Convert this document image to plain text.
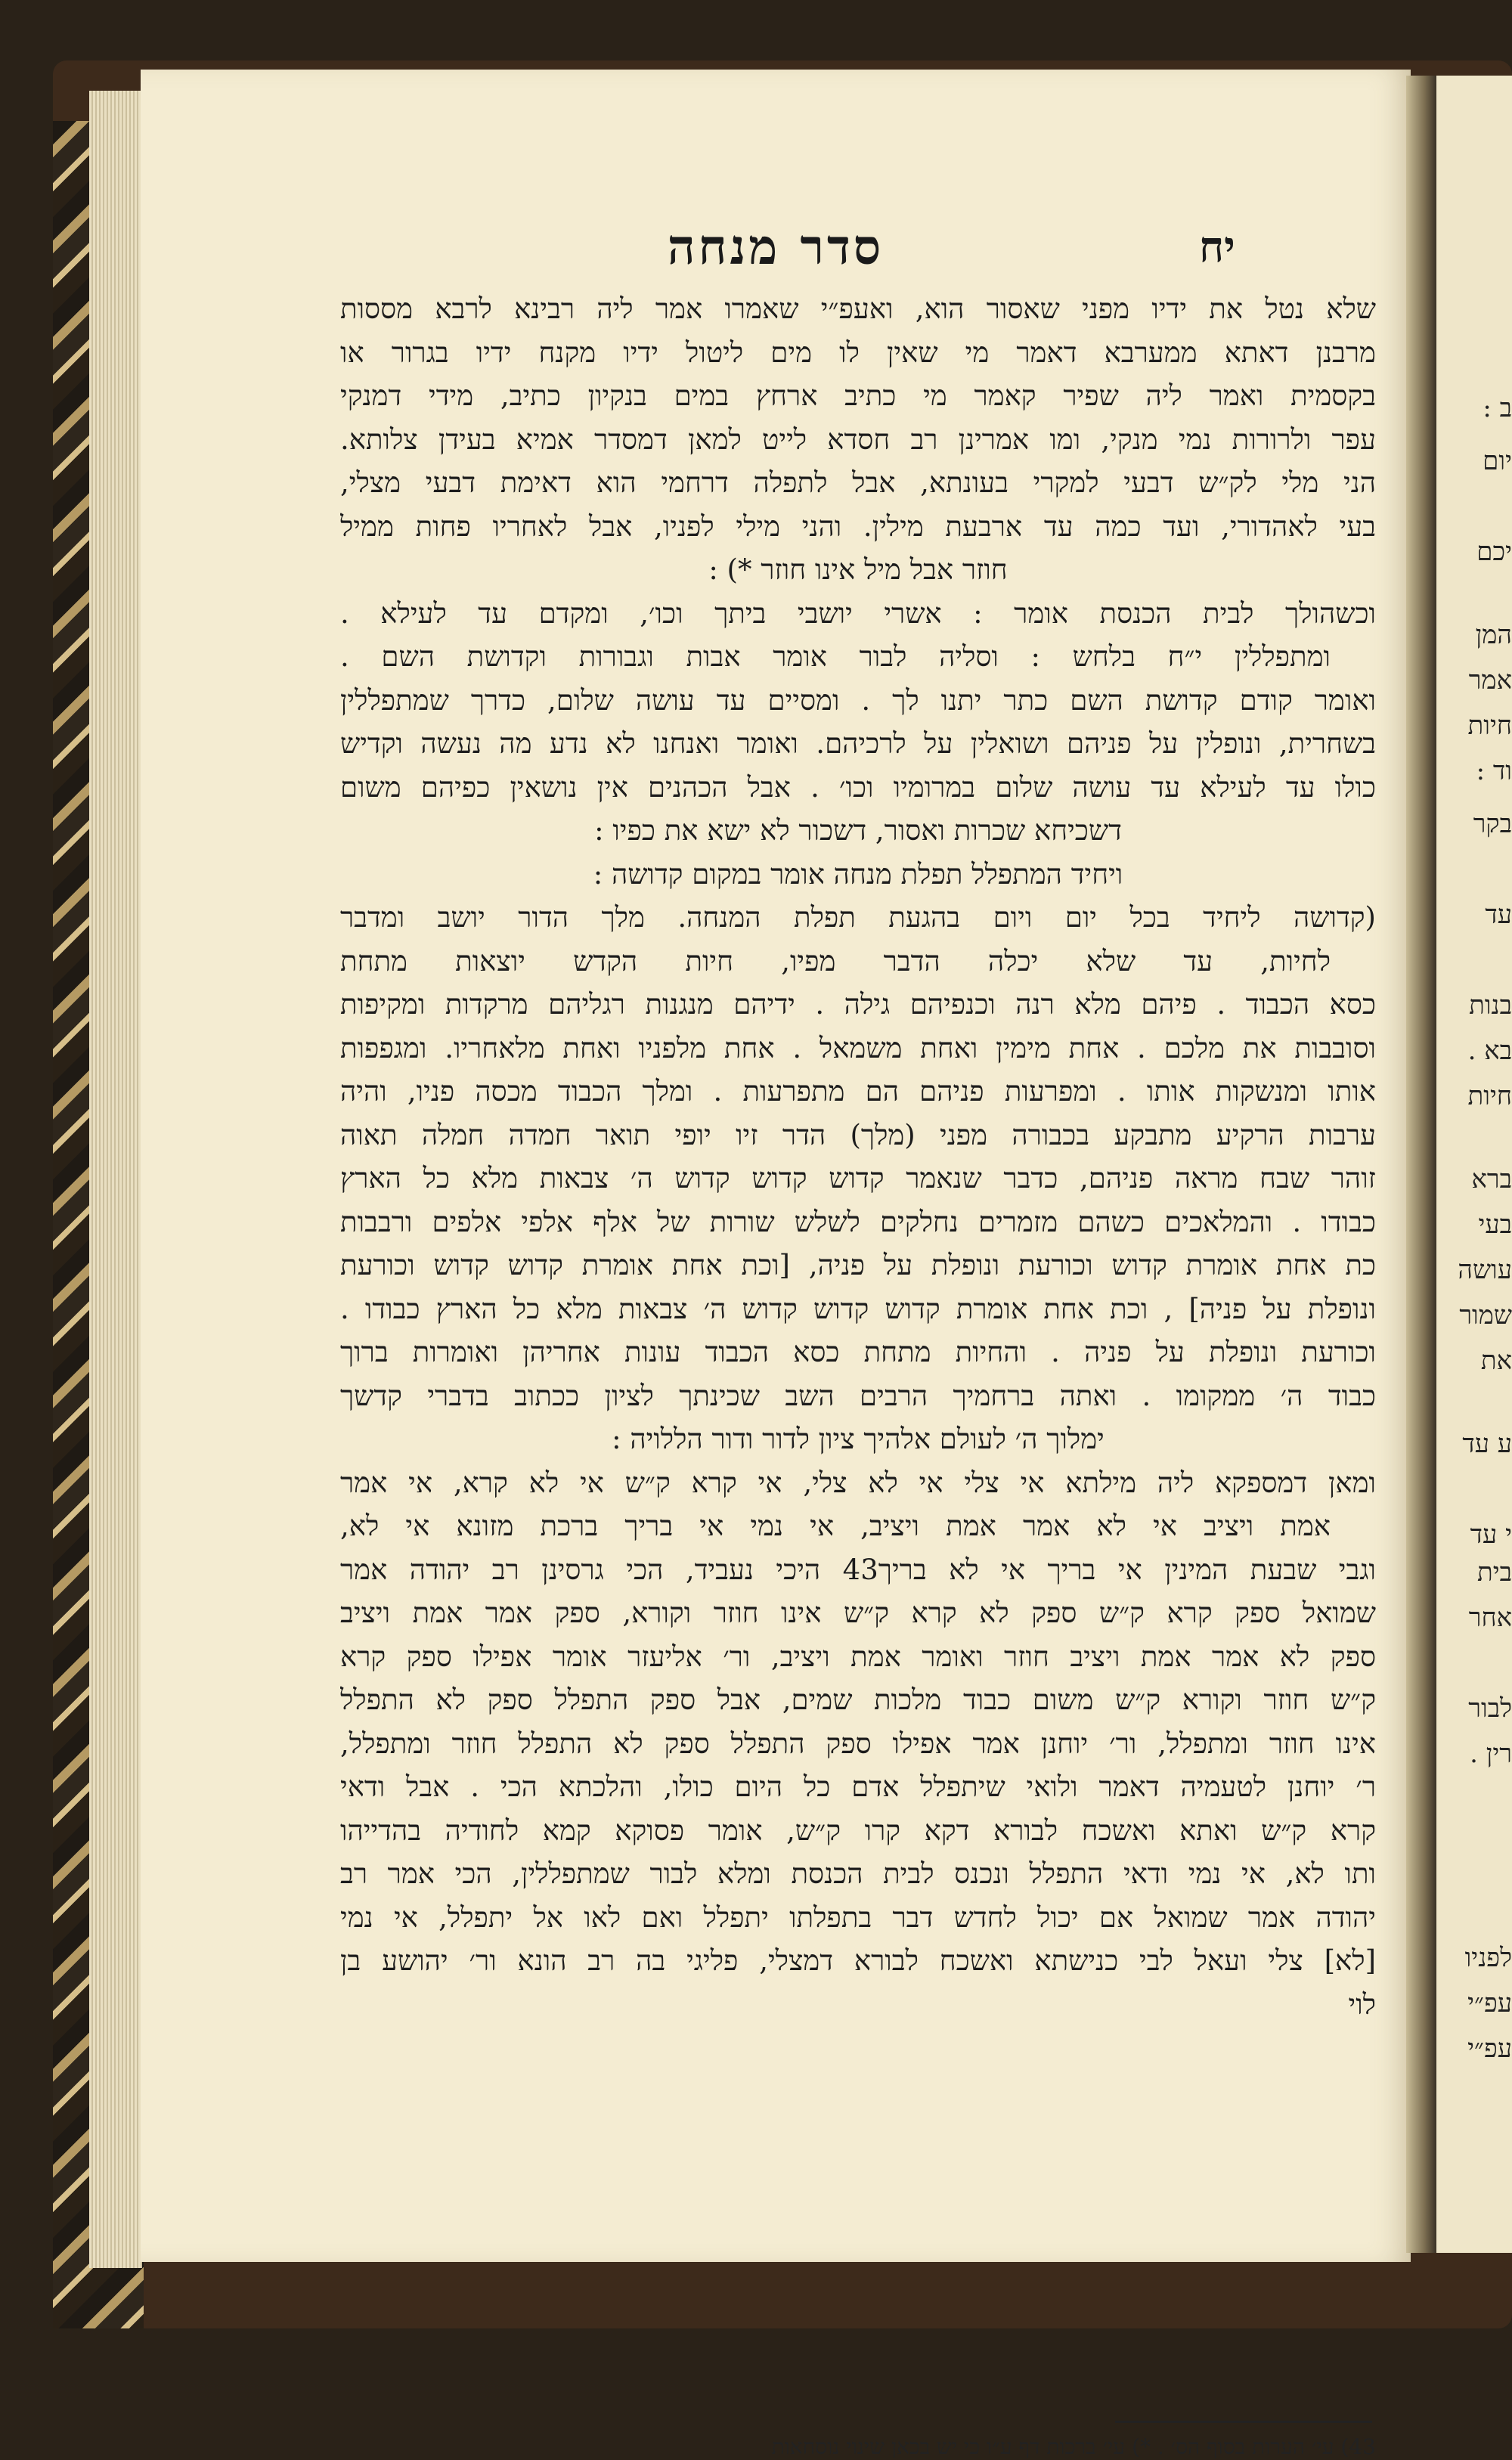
ב :
יום
יכם
המן
אמר
חיות
וד :
בקר
עד
בנות
בא .
חיות
ברא
בעי
עושה
שמור
את
ע עד
י עד
בית
אחר
לבור
רין .
לפניו
עפ״י
עפ״י
סדר מנחה	יח
שלא נטל את ידיו מפני שאסור הוא, ואעפ״י שאמרו אמר ליה רבינא לרבא מססות
מרבנן דאתא ממערבא דאמר מי שאין לו מים ליטול ידיו מקנח ידיו בגרור או
בקסמית ואמר ליה שפיר קאמר מי כתיב ארחץ במים בנקיון כתיב, מידי דמנקי
עפר ולרורות נמי מנקי, ומו אמרינן רב חסדא לייט למאן דמסדר אמיא בעידן צלותא.
הני מלי לק״ש דבעי למקרי בעונתא, אבל לתפלה דרחמי הוא דאימת דבעי מצלי,
בעי לאהדורי, ועד כמה עד ארבעת מילין. והני מילי לפניו, אבל לאחריו פחות ממיל
חוזר אבל מיל אינו חוזר *) :
וכשהולך לבית הכנסת אומר : אשרי יושבי ביתך וכו׳, ומקדם עד לעילא .
ומתפללין י״ח בלחש : וסליה לבור אומר אבות וגבורות וקדושת השם .
ואומר קודם קדושת השם כתר יתנו לך . ומסיים עד עושה שלום, כדרך שמתפללין
בשחרית, ונופלין על פניהם ושואלין על לרכיהם. ואומר ואנחנו לא נדע מה נעשה וקדיש
כולו עד לעילא עד עושה שלום במרומיו וכו׳ . אבל הכהנים אין נושאין כפיהם משום
דשכיחא שכרות ואסור, דשכור לא ישא את כפיו :
ויחיד המתפלל תפלת מנחה אומר במקום קדושה :
(קדושה ליחיד בכל יום ויום בהגעת תפלת המנחה. מלך הדור יושב ומדבר
לחיות, עד שלא יכלה הדבר מפיו, חיות הקדש יוצאות מתחת
כסא הכבוד . פיהם מלא רנה וכנפיהם גילה . ידיהם מנגנות רגליהם מרקדות ומקיפות
וסובבות את מלכם . אחת מימין ואחת משמאל . אחת מלפניו ואחת מלאחריו. ומגפפות
אותו ומנשקות אותו . ומפרעות פניהם הם מתפרעות . ומלך הכבוד מכסה פניו, והיה
ערבות הרקיע מתבקע בכבורה מפני (מלך) הדר זיו יופי תואר חמדה חמלה תאוה
זוהר שבח מראה פניהם, כדבר שנאמר קדוש קדוש קדוש ה׳ צבאות מלא כל הארץ
כבודו . והמלאכים כשהם מזמרים נחלקים לשלש שורות של אלף אלפי אלפים ורבבות
כת אחת אומרת קדוש וכורעת ונופלת על פניה, [וכת אחת אומרת קדוש קדוש וכורעת
ונופלת על פניה] , וכת אחת אומרת קדוש קדוש קדוש ה׳ צבאות מלא כל הארץ כבודו .
וכורעת ונופלת על פניה . והחיות מתחת כסא הכבוד עונות אחריהן ואומרות ברוך
כבוד ה׳ ממקומו . ואתה ברחמיך הרבים השב שכינתך לציון ככתוב בדברי קדשך
ימלוך ה׳ לעולם אלהיך ציון לדור ודור הללויה :
ומאן דמספקא ליה מילתא אי צלי אי לא צלי, אי קרא ק״ש אי לא קרא, אי אמר
אמת ויציב אי לא אמר אמת ויציב, אי נמי אי בריך ברכת מזונא אי לא,
וגבי שבעת המינין אי בריך אי לא בריך43 היכי נעביד, הכי גרסינן רב יהודה אמר
שמואל ספק קרא ק״ש ספק לא קרא ק״ש אינו חוזר וקורא, ספק אמר אמת ויציב
ספק לא אמר אמת ויציב חוזר ואומר אמת ויציב, ור׳ אליעזר אומר אפילו ספק קרא
ק״ש חוזר וקורא ק״ש משום כבוד מלכות שמים, אבל ספק התפלל ספק לא התפלל
אינו חוזר ומתפלל, ור׳ יוחנן אמר אפילו ספק התפלל ספק לא התפלל חוזר ומתפלל,
ר׳ יוחנן לטעמיה דאמר ולואי שיתפלל אדם כל היום כולו, והלכתא הכי . אבל ודאי
קרא ק״ש ואתא ואשכח לבורא דקא קרו ק״ש, אומר פסוקא קמא לחודיה בהדייהו
ותו לא, אי נמי ודאי התפלל ונכנס לבית הכנסת ומלא לבור שמתפללין, הכי אמר רב
יהודה אמר שמואל אם יכול לחדש דבר בתפלתו יתפלל ואם לאו אל יתפלל, אי נמי
[לא] צלי ועאל לבי כנישתא ואשכח לבורא דמצלי, פליגי בה רב הונא ור׳ יהושע בן
לוי
43) עי׳ הערות בסוף הס׳ . *) עי׳ ברכות דף ע״ו כי יש בכאן שינוי נוסחאות
